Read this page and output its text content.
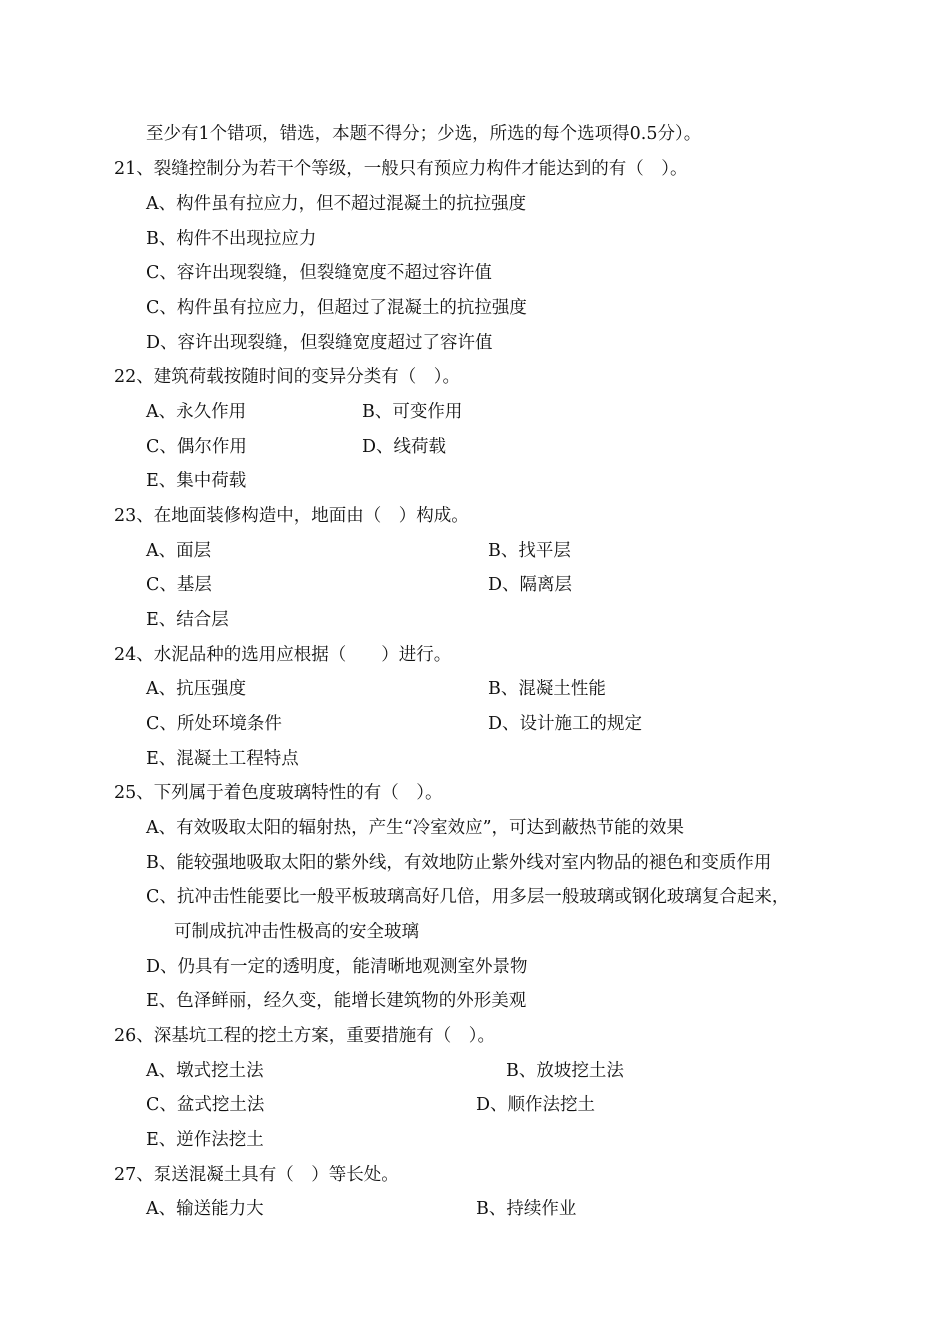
至少有1个错项，错选，本题不得分；少选，所选的每个选项得0.5分）。
21、裂缝控制分为若干个等级，一般只有预应力构件才能达到的有（　）。
A、构件虽有拉应力，但不超过混凝土的抗拉强度
B、构件不出现拉应力
C、容许出现裂缝，但裂缝宽度不超过容许值
C、构件虽有拉应力，但超过了混凝土的抗拉强度
D、容许出现裂缝，但裂缝宽度超过了容许值
22、建筑荷载按随时间的变异分类有（　）。
A、永久作用	B、可变作用
C、偶尔作用	D、线荷载
E、集中荷载
23、在地面装修构造中，地面由（　）构成。
A、面层	B、找平层
C、基层	D、隔离层
E、结合层
24、水泥品种的选用应根据（　　）进行。
A、抗压强度	B、混凝土性能
C、所处环境条件	D、设计施工的规定
E、混凝土工程特点
25、下列属于着色度玻璃特性的有（　）。
A、有效吸取太阳的辐射热，产生“冷室效应”，可达到蔽热节能的效果
B、能较强地吸取太阳的紫外线，有效地防止紫外线对室内物品的褪色和变质作用
C、抗冲击性能要比一般平板玻璃高好几倍，用多层一般玻璃或钢化玻璃复合起来，
可制成抗冲击性极高的安全玻璃
D、仍具有一定的透明度，能清晰地观测室外景物
E、色泽鲜丽，经久变，能增长建筑物的外形美观
26、深基坑工程的挖土方案，重要措施有（　）。
A、墩式挖土法	B、放坡挖土法
C、盆式挖土法	D、顺作法挖土
E、逆作法挖土
27、泵送混凝土具有（　）等长处。
A、输送能力大	B、持续作业
